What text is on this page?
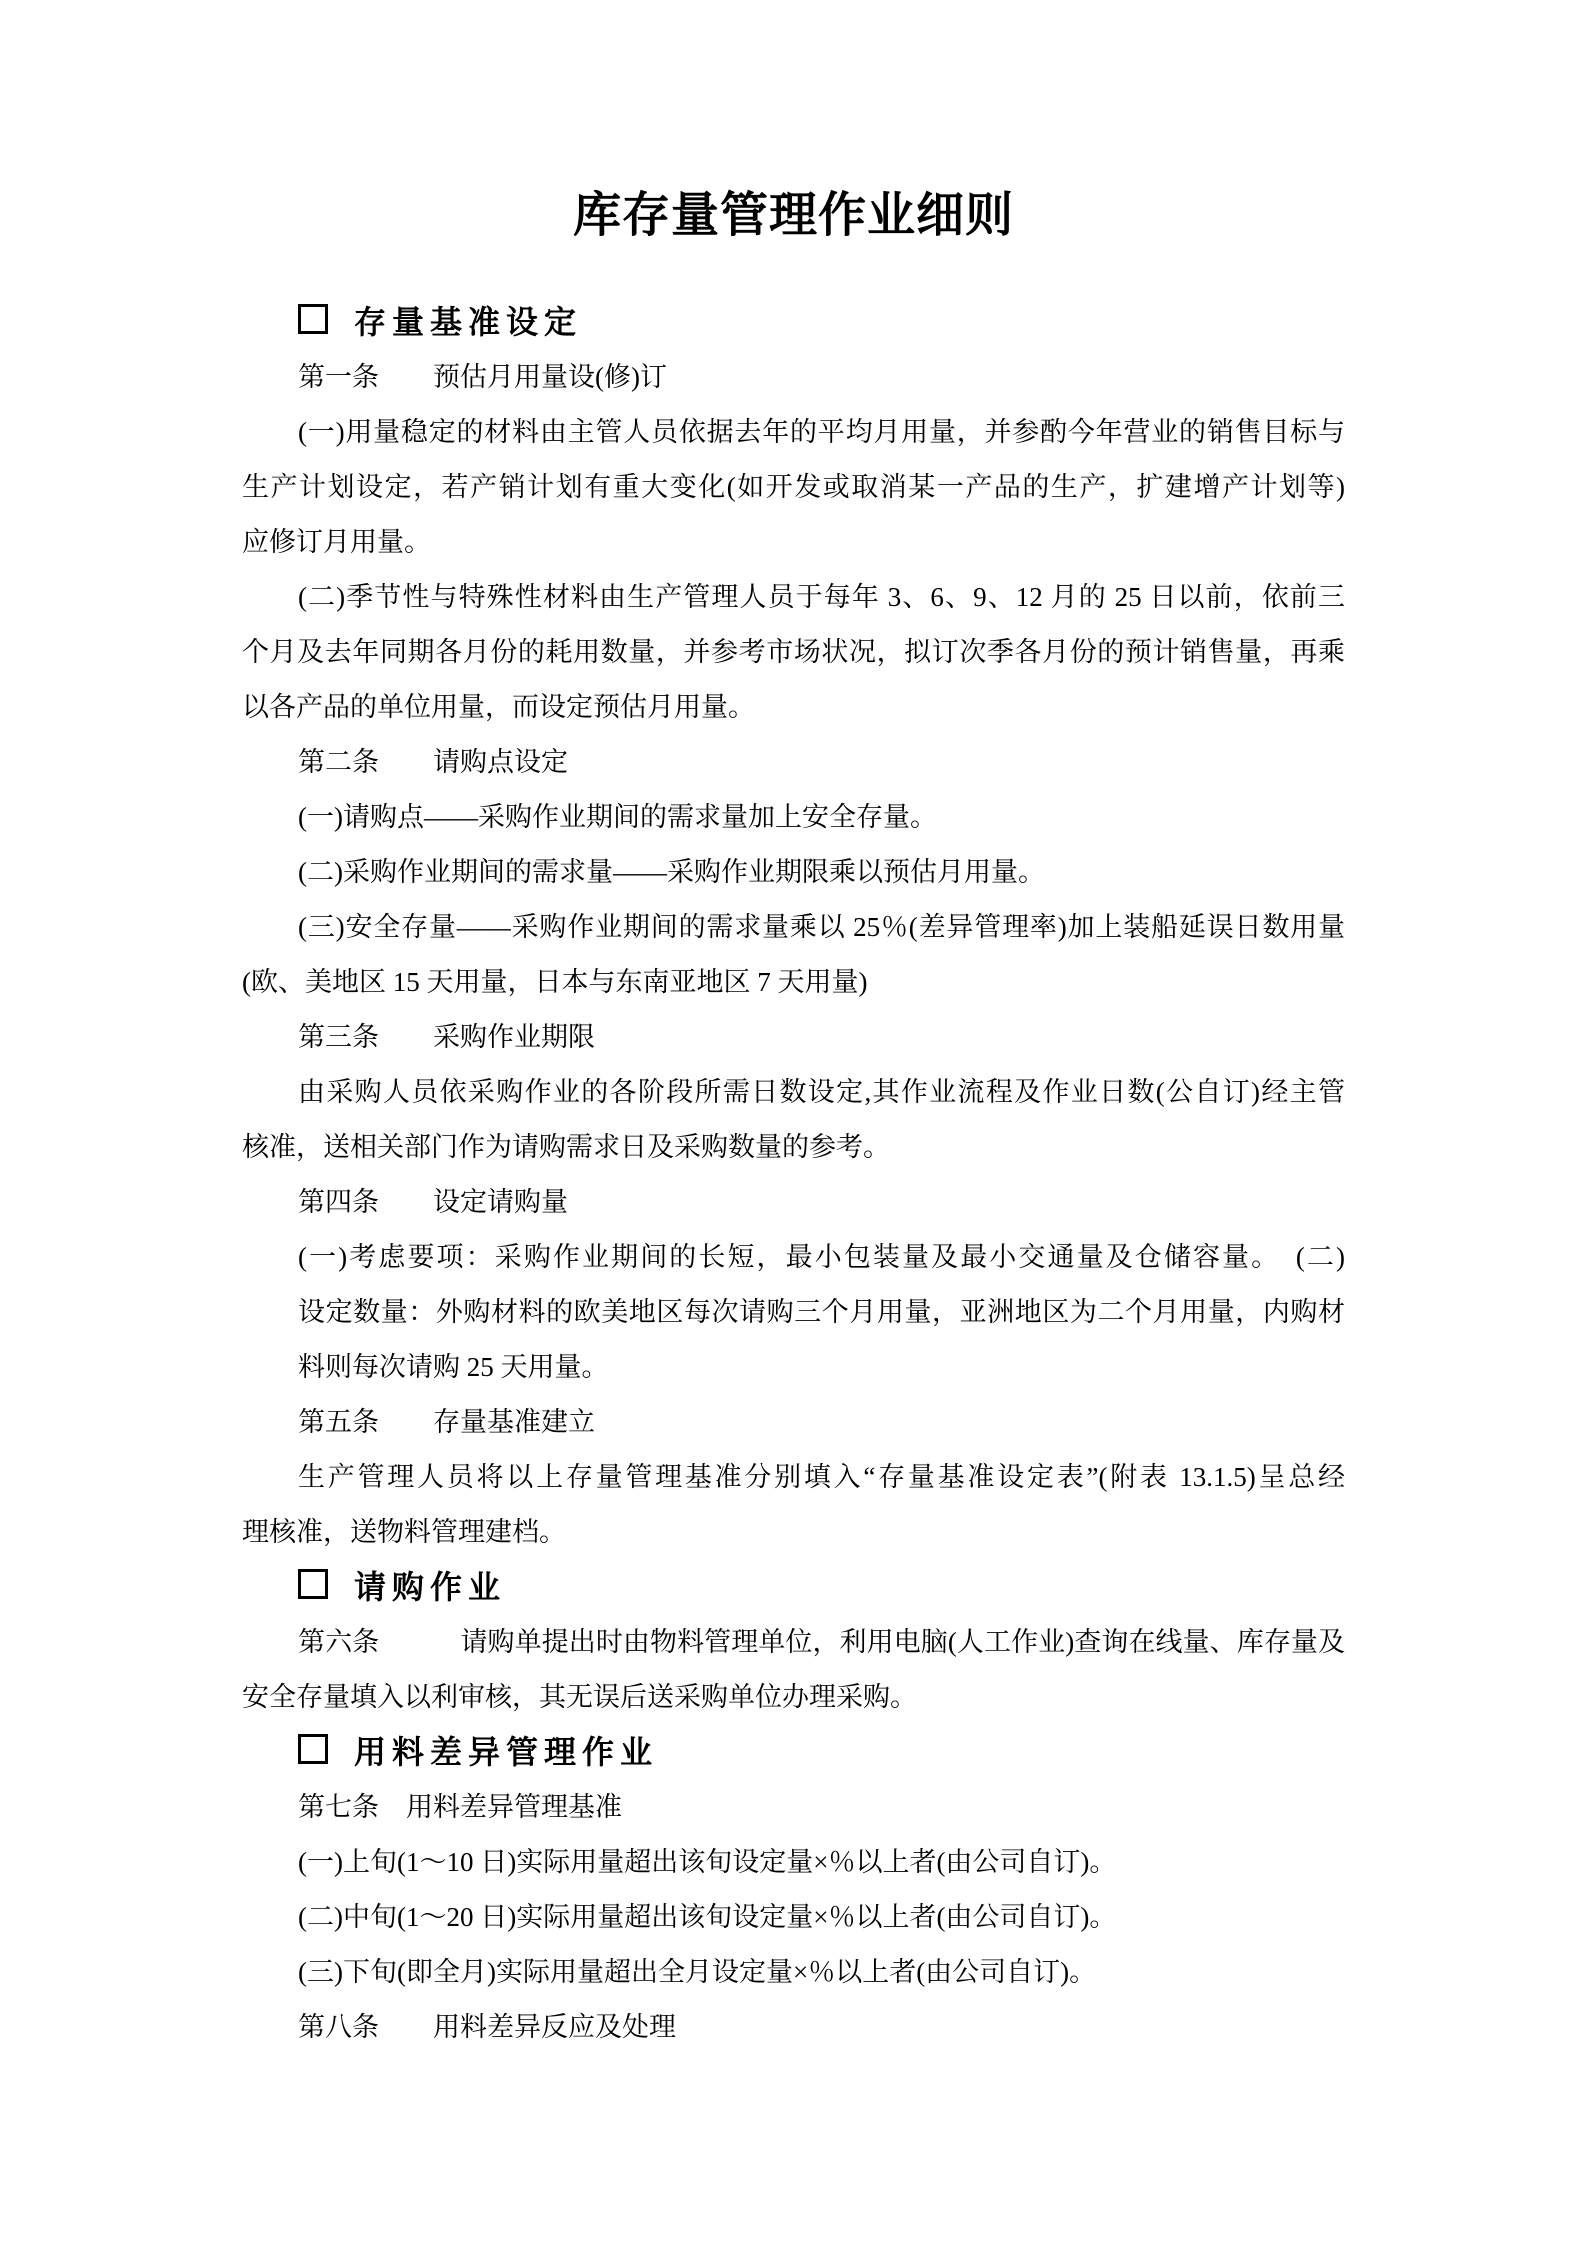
库存量管理作业细则
存量基准设定
第一条　　预估月用量设(修)订
(一)用量稳定的材料由主管人员依据去年的平均月用量，并参酌今年营业的销售目标与
生产计划设定，若产销计划有重大变化(如开发或取消某一产品的生产，扩建增产计划等)
应修订月用量。
(二)季节性与特殊性材料由生产管理人员于每年 3、6、9、12 月的 25 日以前，依前三
个月及去年同期各月份的耗用数量，并参考市场状况，拟订次季各月份的预计销售量，再乘
以各产品的单位用量，而设定预估月用量。
第二条　　请购点设定
(一)请购点——采购作业期间的需求量加上安全存量。
(二)采购作业期间的需求量——采购作业期限乘以预估月用量。
(三)安全存量——采购作业期间的需求量乘以 25％(差异管理率)加上装船延误日数用量
(欧、美地区 15 天用量，日本与东南亚地区 7 天用量)
第三条　　采购作业期限
由采购人员依采购作业的各阶段所需日数设定,其作业流程及作业日数(公自订)经主管
核准，送相关部门作为请购需求日及采购数量的参考。
第四条　　设定请购量
(一)考虑要项：采购作业期间的长短，最小包装量及最小交通量及仓储容量。　(二)
设定数量：外购材料的欧美地区每次请购三个月用量，亚洲地区为二个月用量，内购材
料则每次请购 25 天用量。
第五条　　存量基准建立
生产管理人员将以上存量管理基准分别填入“存量基准设定表”(附表 13.1.5)呈总经
理核准，送物料管理建档。
请购作业
第六条　　　请购单提出时由物料管理单位，利用电脑(人工作业)查询在线量、库存量及
安全存量填入以利审核，其无误后送采购单位办理采购。
用料差异管理作业
第七条　用料差异管理基准
(一)上旬(1～10 日)实际用量超出该旬设定量×％以上者(由公司自订)。
(二)中旬(1～20 日)实际用量超出该旬设定量×％以上者(由公司自订)。
(三)下旬(即全月)实际用量超出全月设定量×％以上者(由公司自订)。
第八条　　用料差异反应及处理
